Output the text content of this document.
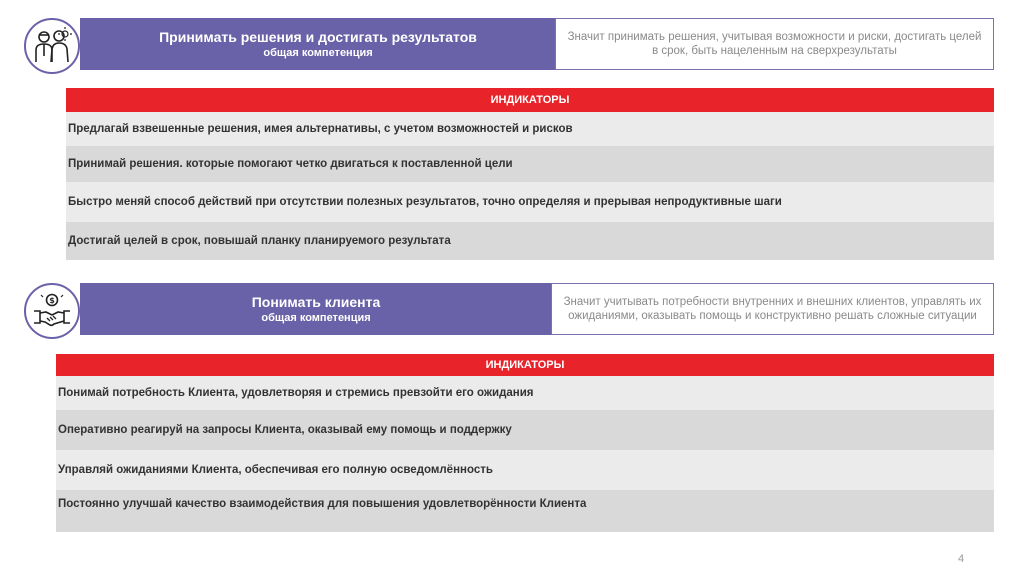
Принимать решения и достигать результатов
общая компетенция
Значит принимать решения, учитывая возможности и риски, достигать целей в срок, быть нацеленным на сверхрезультаты
ИНДИКАТОРЫ
Предлагай взвешенные решения, имея альтернативы, с учетом возможностей и рисков
Принимай решения. которые помогают четко двигаться к поставленной цели
Быстро меняй способ действий при отсутствии полезных результатов, точно определяя и прерывая непродуктивные шаги
Достигай целей в срок, повышай планку планируемого результата
$	Понимать клиента
общая компетенция
Значит учитывать потребности внутренних и внешних клиентов, управлять их ожиданиями, оказывать помощь и конструктивно решать сложные ситуации
ИНДИКАТОРЫ
Понимай потребность Клиента, удовлетворяя и стремись превзойти его ожидания
Оперативно реагируй на запросы Клиента, оказывай ему помощь и поддержку
Управляй ожиданиями Клиента, обеспечивая его полную осведомлённость
Постоянно улучшай качество взаимодействия для повышения удовлетворённости Клиента
4
